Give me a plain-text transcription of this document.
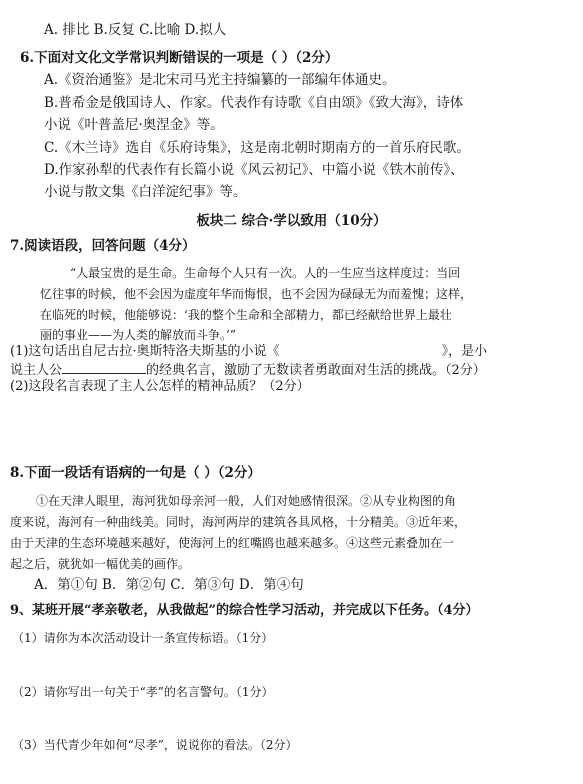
A. 排比 B.反复 C.比喻 D.拟人
6.下面对文化文学常识判断错误的一项是（ ）（2分）
A.《资治通鉴》是北宋司马光主持编纂的一部编年体通史。
B.普希金是俄国诗人、作家。代表作有诗歌《自由颂》《致大海》，诗体
小说《叶普盖尼·奥涅金》等。
C.《木兰诗》选自《乐府诗集》，这是南北朝时期南方的一首乐府民歌。
D.作家孙犁的代表作有长篇小说《风云初记》、中篇小说《铁木前传》、
小说与散文集《白洋淀纪事》等。
板块二 综合·学以致用（10分）
7.阅读语段，回答问题（4分）
“人最宝贵的是生命。生命每个人只有一次。人的一生应当这样度过：当回
忆往事的时候，他不会因为虚度年华而悔恨，也不会因为碌碌无为而羞愧；这样，
在临死的时候，他能够说：‘我的整个生命和全部精力，都已经献给世界上最壮
丽的事业——为人类的解放而斗争。’”
(1)这句话出自尼古拉·奥斯特洛夫斯基的小说《	》，是小
说主人公	的经典名言，激励了无数读者勇敢面对生活的挑战。（2分）
(2)这段名言表现了主人公怎样的精神品质？（2分）
8.下面一段话有语病的一句是（ ）（2分）
①在天津人眼里，海河犹如母亲河一般，人们对她感情很深。②从专业构图的角
度来说，海河有一种曲线美。同时，海河两岸的建筑各具风格，十分精美。③近年来，
由于天津的生态环境越来越好，使海河上的红嘴鸥也越来越多。④这些元素叠加在一
起之后，就犹如一幅优美的画作。
A．第①句 B．第②句 C．第③句 D．第④句
9、某班开展“孝亲敬老，从我做起”的综合性学习活动，并完成以下任务。（4分）
（1）请你为本次活动设计一条宣传标语。（1分）
（2）请你写出一句关于“孝”的名言警句。（1分）
（3）当代青少年如何“尽孝”，说说你的看法。（2分）
